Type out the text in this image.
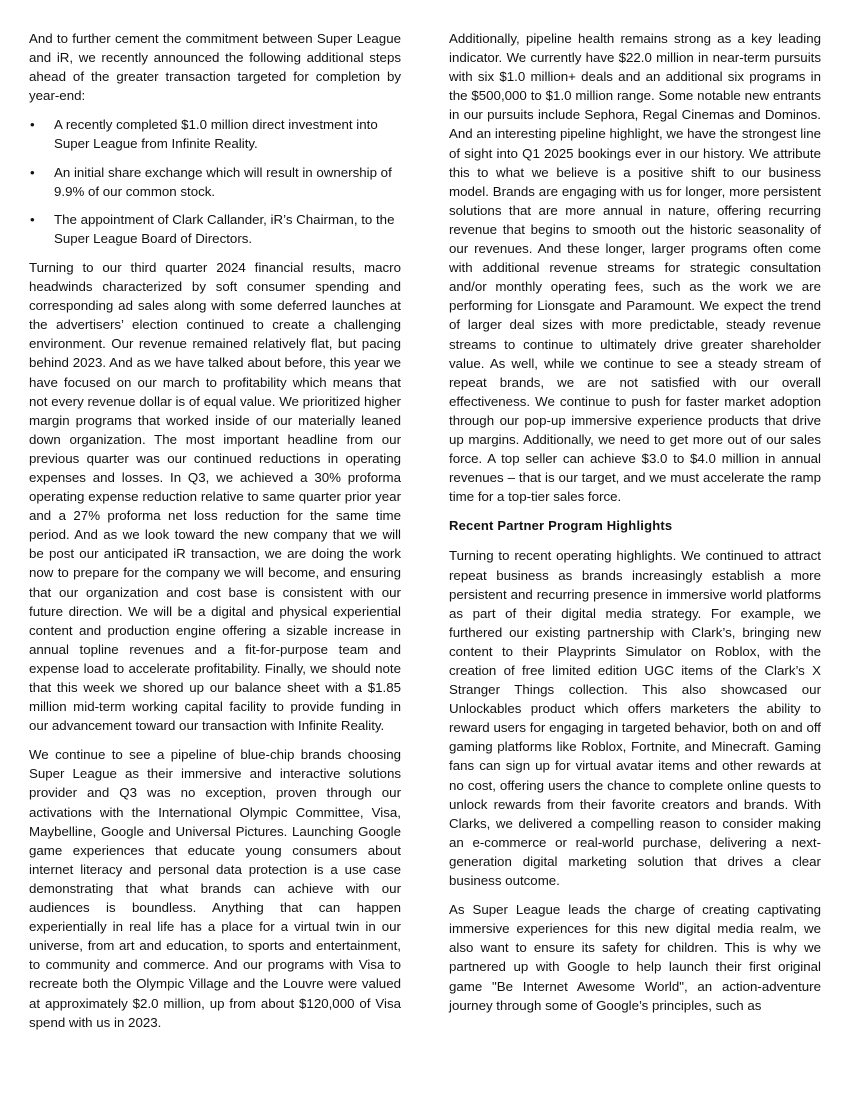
And to further cement the commitment between Super League and iR, we recently announced the following additional steps ahead of the greater transaction targeted for completion by year-end:

• A recently completed $1.0 million direct investment into Super League from Infinite Reality.
• An initial share exchange which will result in ownership of 9.9% of our common stock.
• The appointment of Clark Callander, iR’s Chairman, to the Super League Board of Directors.

Turning to our third quarter 2024 financial results, macro headwinds characterized by soft consumer spending and corresponding ad sales along with some deferred launches at the advertisers’ election continued to create a challenging environment. Our revenue remained relatively flat, but pacing behind 2023. And as we have talked about before, this year we have focused on our march to profitability which means that not every revenue dollar is of equal value. We prioritized higher margin programs that worked inside of our materially leaned down organization. The most important headline from our previous quarter was our continued reductions in operating expenses and losses. In Q3, we achieved a 30% proforma operating expense reduction relative to same quarter prior year and a 27% proforma net loss reduction for the same time period. And as we look toward the new company that we will be post our anticipated iR transaction, we are doing the work now to prepare for the company we will become, and ensuring that our organization and cost base is consistent with our future direction. We will be a digital and physical experiential content and production engine offering a sizable increase in annual topline revenues and a fit-for-purpose team and expense load to accelerate profitability. Finally, we should note that this week we shored up our balance sheet with a $1.85 million mid-term working capital facility to provide funding in our advancement toward our transaction with Infinite Reality.

We continue to see a pipeline of blue-chip brands choosing Super League as their immersive and interactive solutions provider and Q3 was no exception, proven through our activations with the International Olympic Committee, Visa, Maybelline, Google and Universal Pictures. Launching Google game experiences that educate young consumers about internet literacy and personal data protection is a use case demonstrating that what brands can achieve with our audiences is boundless. Anything that can happen experientially in real life has a place for a virtual twin in our universe, from art and education, to sports and entertainment, to community and commerce. And our programs with Visa to recreate both the Olympic Village and the Louvre were valued at approximately $2.0 million, up from about $120,000 of Visa spend with us in 2023.

Additionally, pipeline health remains strong as a key leading indicator. We currently have $22.0 million in near-term pursuits with six $1.0 million+ deals and an additional six programs in the $500,000 to $1.0 million range. Some notable new entrants in our pursuits include Sephora, Regal Cinemas and Dominos. And an interesting pipeline highlight, we have the strongest line of sight into Q1 2025 bookings ever in our history. We attribute this to what we believe is a positive shift to our business model. Brands are engaging with us for longer, more persistent solutions that are more annual in nature, offering recurring revenue that begins to smooth out the historic seasonality of our revenues. And these longer, larger programs often come with additional revenue streams for strategic consultation and/or monthly operating fees, such as the work we are performing for Lionsgate and Paramount. We expect the trend of larger deal sizes with more predictable, steady revenue streams to continue to ultimately drive greater shareholder value. As well, while we continue to see a steady stream of repeat brands, we are not satisfied with our overall effectiveness. We continue to push for faster market adoption through our pop-up immersive experience products that drive up margins. Additionally, we need to get more out of our sales force. A top seller can achieve $3.0 to $4.0 million in annual revenues – that is our target, and we must accelerate the ramp time for a top-tier sales force.

Recent Partner Program Highlights

Turning to recent operating highlights. We continued to attract repeat business as brands increasingly establish a more persistent and recurring presence in immersive world platforms as part of their digital media strategy. For example, we furthered our existing partnership with Clark’s, bringing new content to their Playprints Simulator on Roblox, with the creation of free limited edition UGC items of the Clark’s X Stranger Things collection. This also showcased our Unlockables product which offers marketers the ability to reward users for engaging in targeted behavior, both on and off gaming platforms like Roblox, Fortnite, and Minecraft. Gaming fans can sign up for virtual avatar items and other rewards at no cost, offering users the chance to complete online quests to unlock rewards from their favorite creators and brands. With Clarks, we delivered a compelling reason to consider making an e-commerce or real-world purchase, delivering a next-generation digital marketing solution that drives a clear business outcome.

As Super League leads the charge of creating captivating immersive experiences for this new digital media realm, we also want to ensure its safety for children. This is why we partnered up with Google to help launch their first original game "Be Internet Awesome World", an action-adventure journey through some of Google’s principles, such as
